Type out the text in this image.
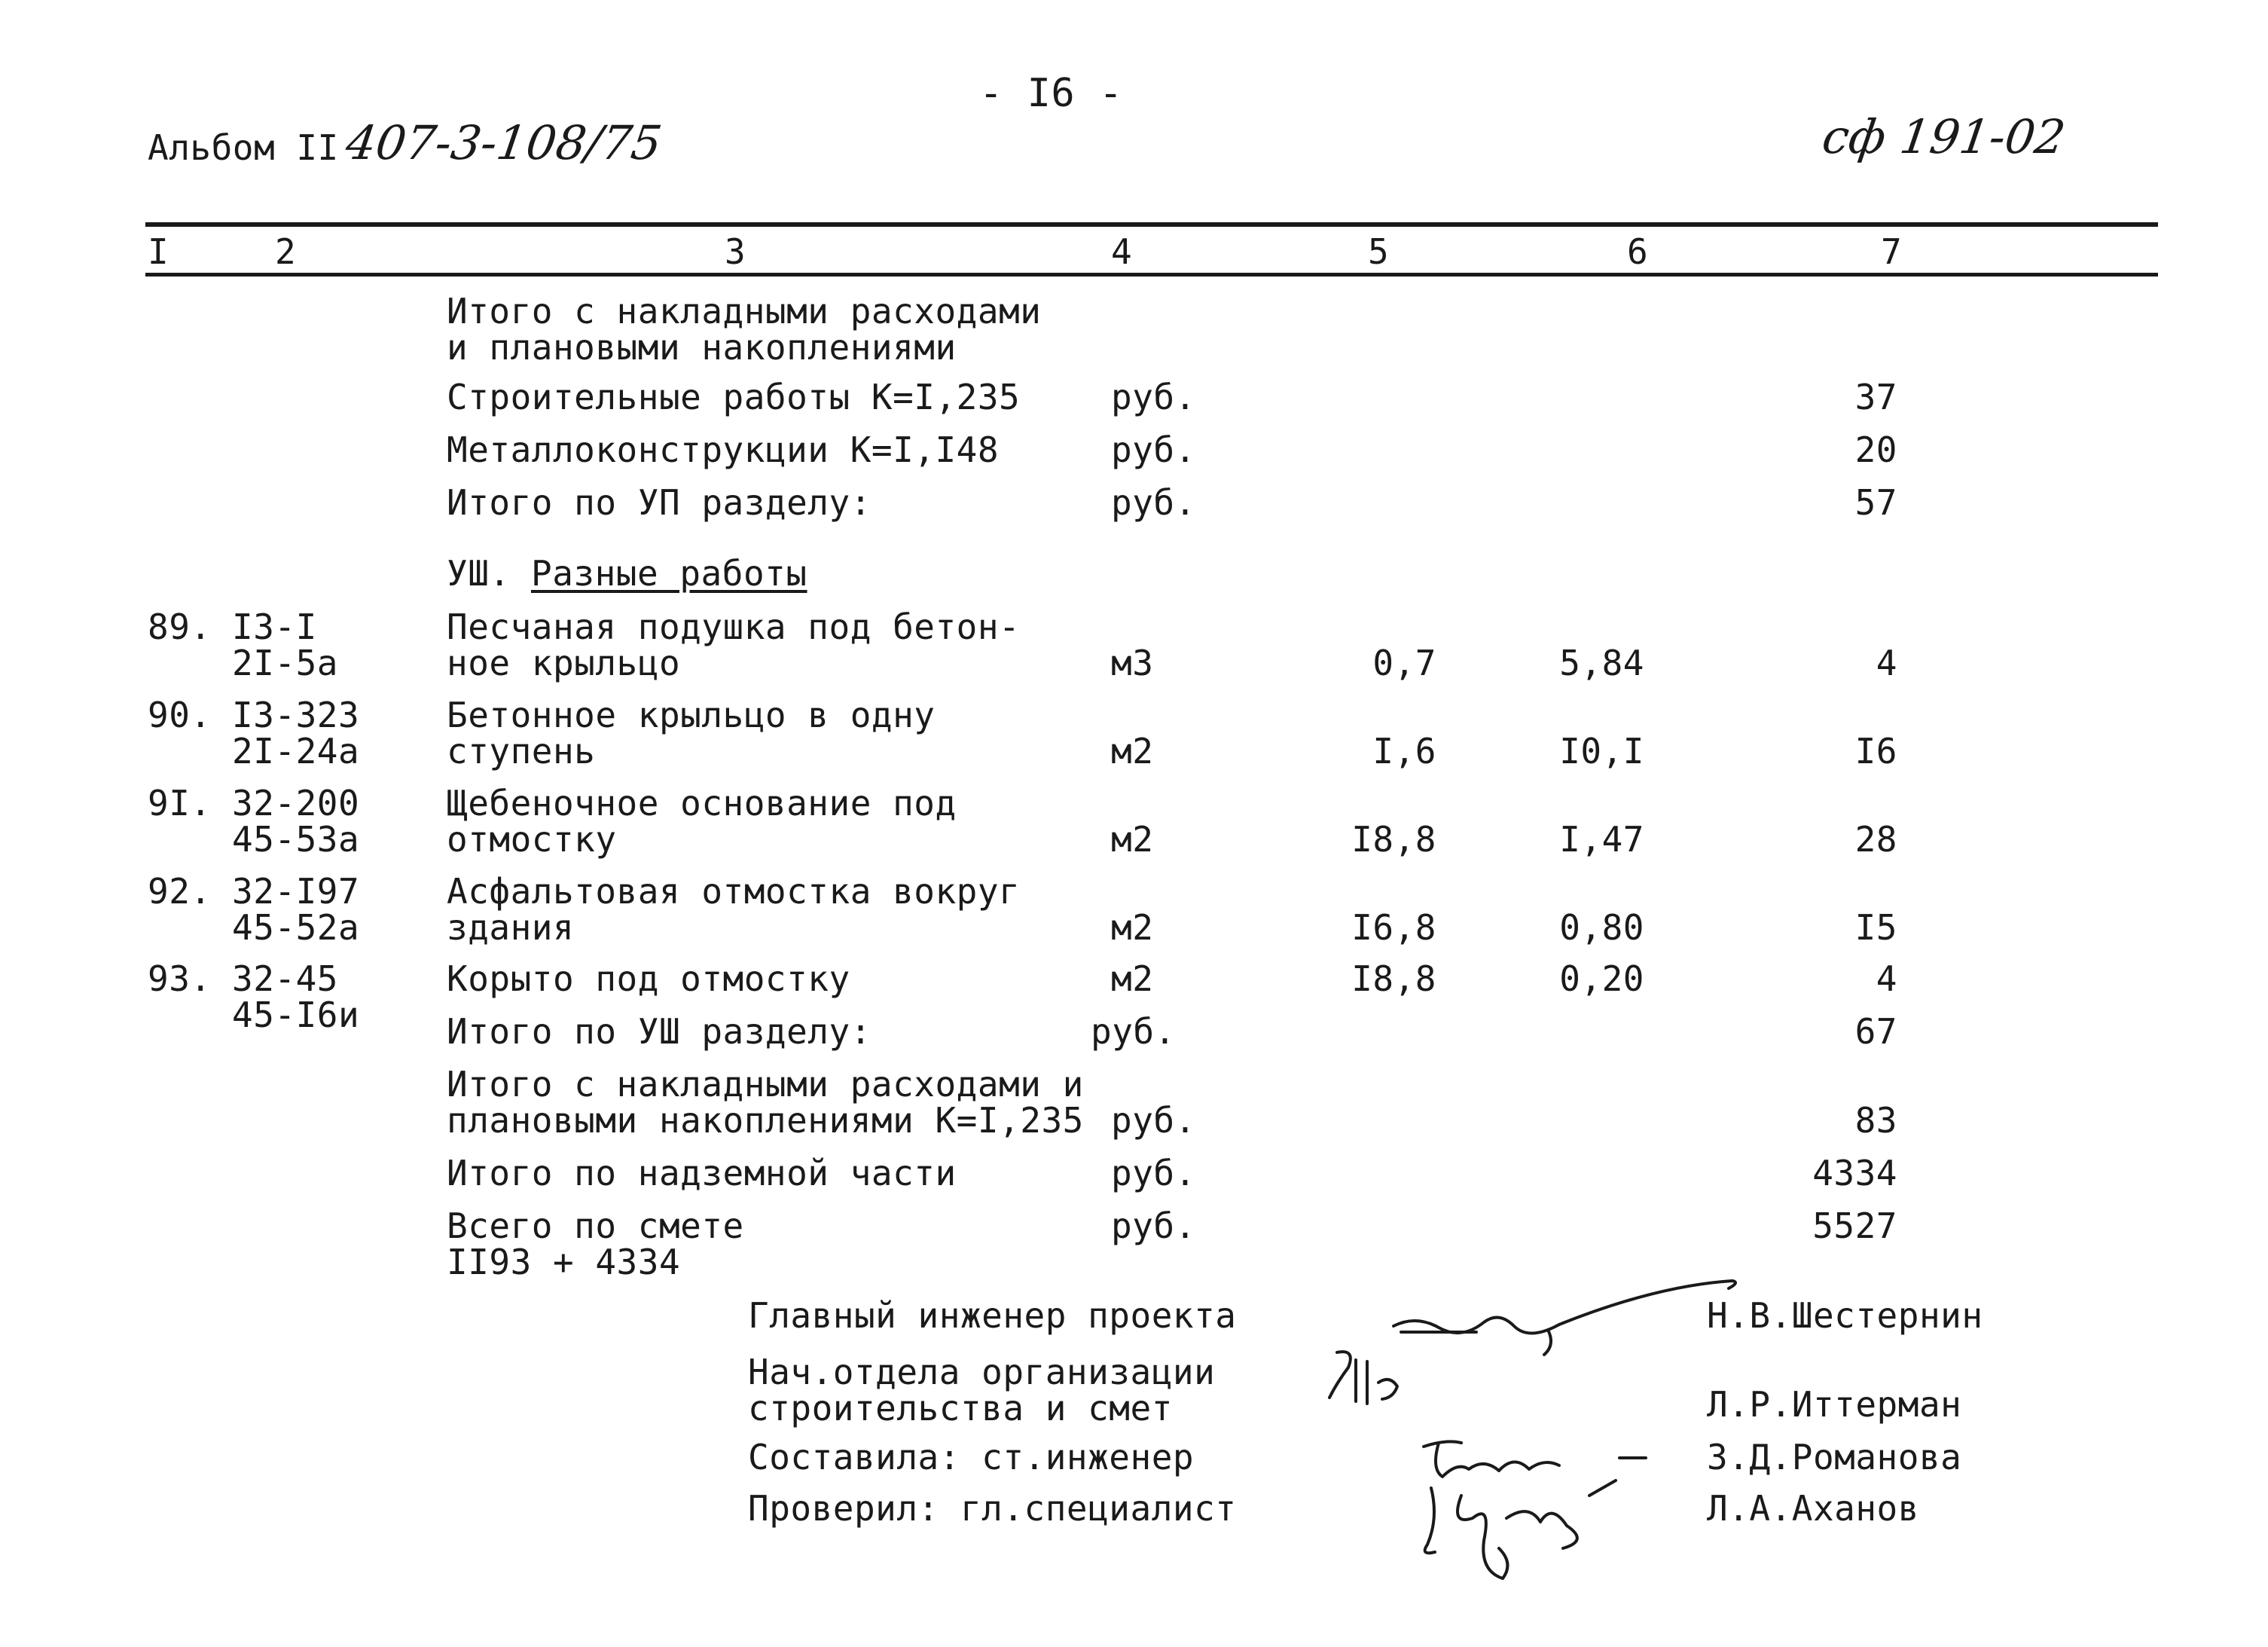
Альбом II 407-3-108/75
- I6 -
сф 191-02
I	2	3	4	5	6	7
Итого с накладными расходами
и плановыми накоплениями
Строительные работы К=I,235	руб.	37
Металлоконструкции К=I,I48	руб.	20
Итого по УП разделу:	руб.	57
УШ. Разные работы
89. I3-I
2I-5a
Песчаная подушка под бетон-
ное крыльцо	м3	0,7	5,84	4
90. I3-323
2I-24a
Бетонное крыльцо в одну
ступень	м2	I,6	I0,I	I6
9I. 32-200
45-53a
Щебеночное основание под
отмостку	м2	I8,8	I,47	28
92. 32-I97
45-52a
Асфальтовая отмостка вокруг
здания	м2	I6,8	0,80	I5
93. 32-45
45-I6и
Корыто под отмостку	м2	I8,8	0,20	4
Итого по УШ разделу:	руб.	67
Итого с накладными расходами и
плановыми накоплениями К=I,235 руб.	83
Итого по надземной части	руб.	4334
Всего по смете
II93 + 4334
руб.	5527
Главный инженер проекта	Н.В.Шестернин
Нач.отдела организации
строительства и смет	Л.Р.Иттерман
Составила: ст.инженер	З.Д.Романова
Проверил: гл.специалист	Л.А.Аханов
